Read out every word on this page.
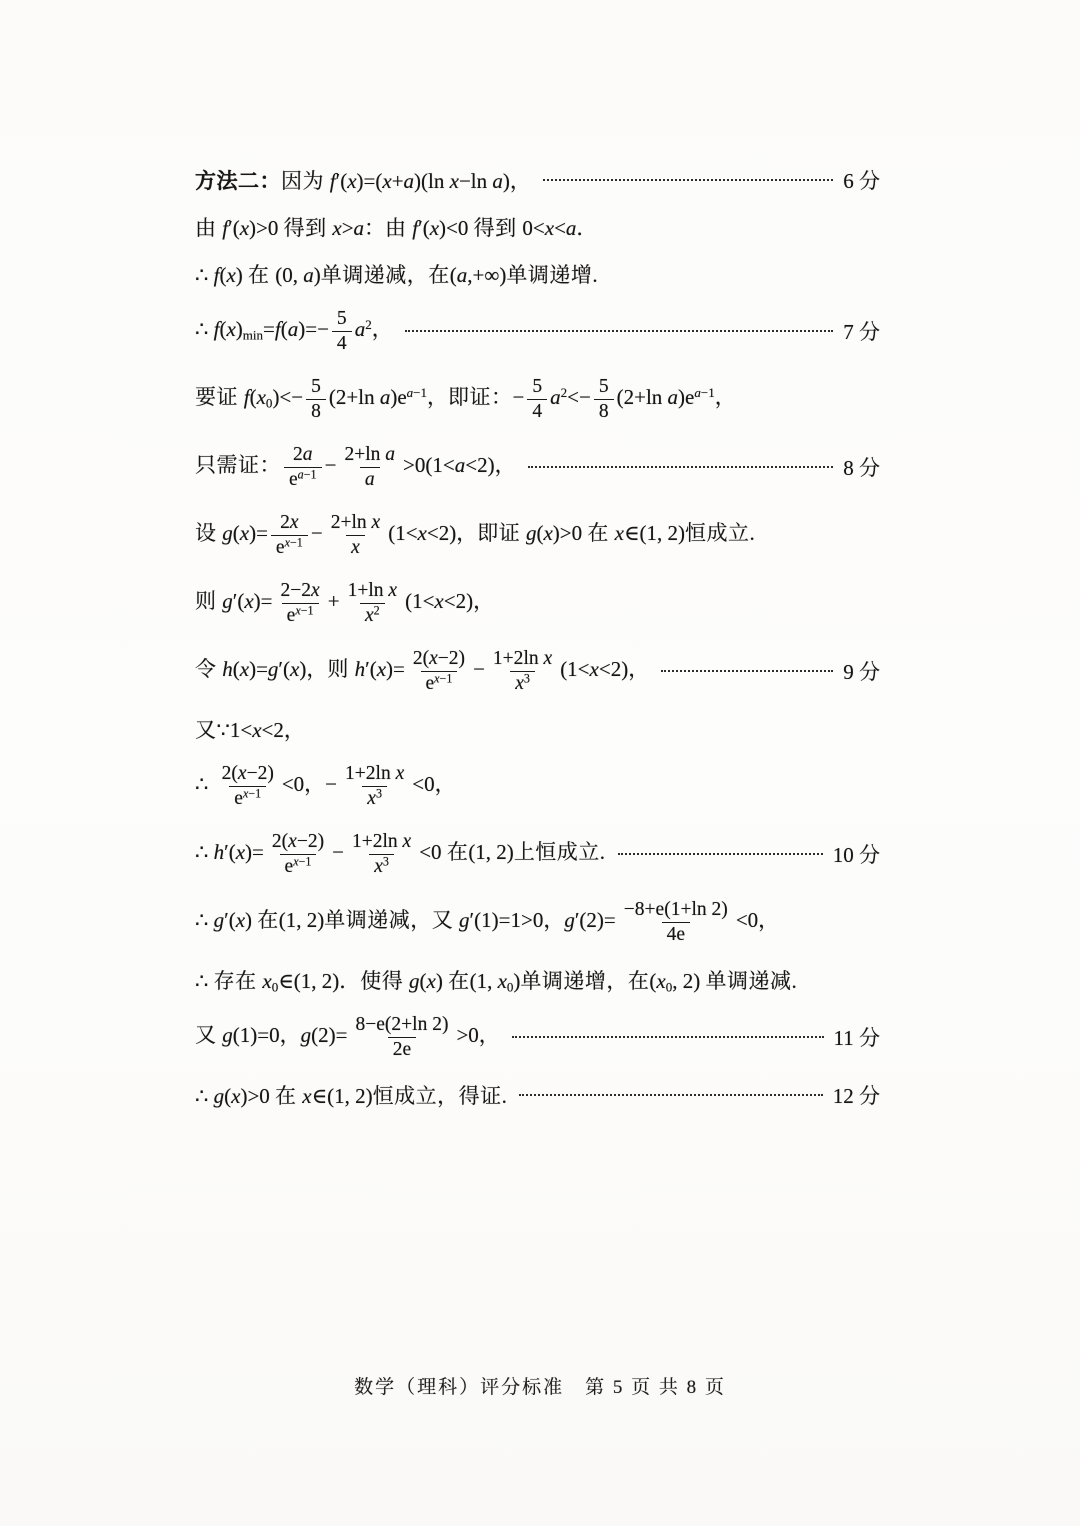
方法二：因为 f′(x)=(x+a)(ln x−ln a)，	6 分
由 f′(x)>0 得到 x>a：由 f′(x)<0 得到 0<x<a．
∴ f(x) 在 (0, a)单调递减，在(a,+∞)单调递增.
∴ $f(x)_{min}=f(a)=- \frac{5}{4} a^2$，	7 分
要证 $f(x_0)<- \frac{5}{8} (2+\ln$ $a)e^{a-1}$，即证：− $\frac{5}{4} a^2<- \frac{5}{8} (2+\ln$ $a)e^{a-1}$，
只需证： $\frac{2a}{e^{a-1}} - \frac{\text{2+ln a}}{a} >0(1<a<2)$，	8 分
设 $g(x)= \frac{2x}{e^{x-1}} - \frac{\text{2+ln x}}{x} (1<x<2)$，即证 g(x)>0 在 x∈(1, 2)恒成立.
则 $g'(x)= \frac{2-2x}{e^{x-1}} + \frac{\text{1+ln x}}{x^2} (1<x<2)$，
令 h(x)=g′(x)，则 $h'(x)= \frac{2(x-2)}{e^{x-1}} - \frac{\text{1+2ln x}}{x^3} (1<x<2)$，	9 分
又∵1<x<2，
∴ $\frac{2(x-2)}{e^{x-1}} <0$，− $\frac{\text{1+2ln x}}{x^3} <0$，
∴ $h'(x)= \frac{2(x-2)}{e^{x-1}} - \frac{\text{1+2ln x}}{x^3} <0$ 在(1, 2)上恒成立.	10 分
∴ g′(x) 在(1, 2)单调递减，又 g′(1)=1>0，$g'(2)= \frac{-8+e(1+\ln 2)}{4e} <0$，
∴ 存在 $x_0\in(1$, 2)．使得 g(x) 在(1, $x_0$)单调递增，在($x_0$, 2) 单调递减.
又 g(1)=0，$g(2)= \frac{8-e(2+\ln 2)}{2e} >0$，	11 分
∴ g(x)>0 在 x∈(1, 2)恒成立，得证.	12 分
数学（理科）评分标准　第 5 页 共 8 页
